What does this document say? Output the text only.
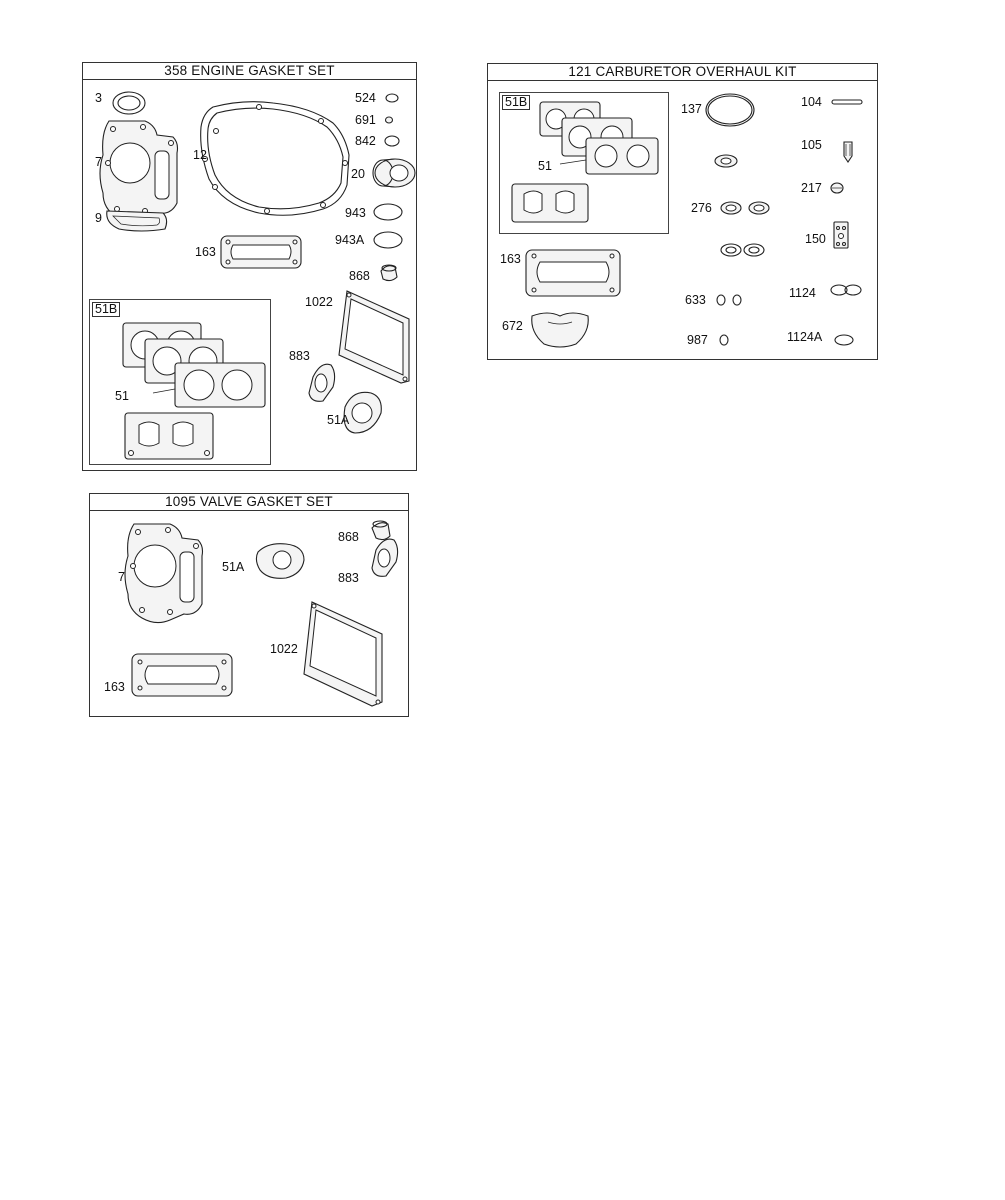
358 ENGINE GASKET SET
3
7
9
12
163
524
691
842
20
943
943A
868
1022
883
51A
51B
51
1095 VALVE GASKET SET
7
51A
868
883
1022
163
121 CARBURETOR OVERHAUL KIT
51B
51
137	104
105
217
276
150
163
633	1124
672
987	1124A
